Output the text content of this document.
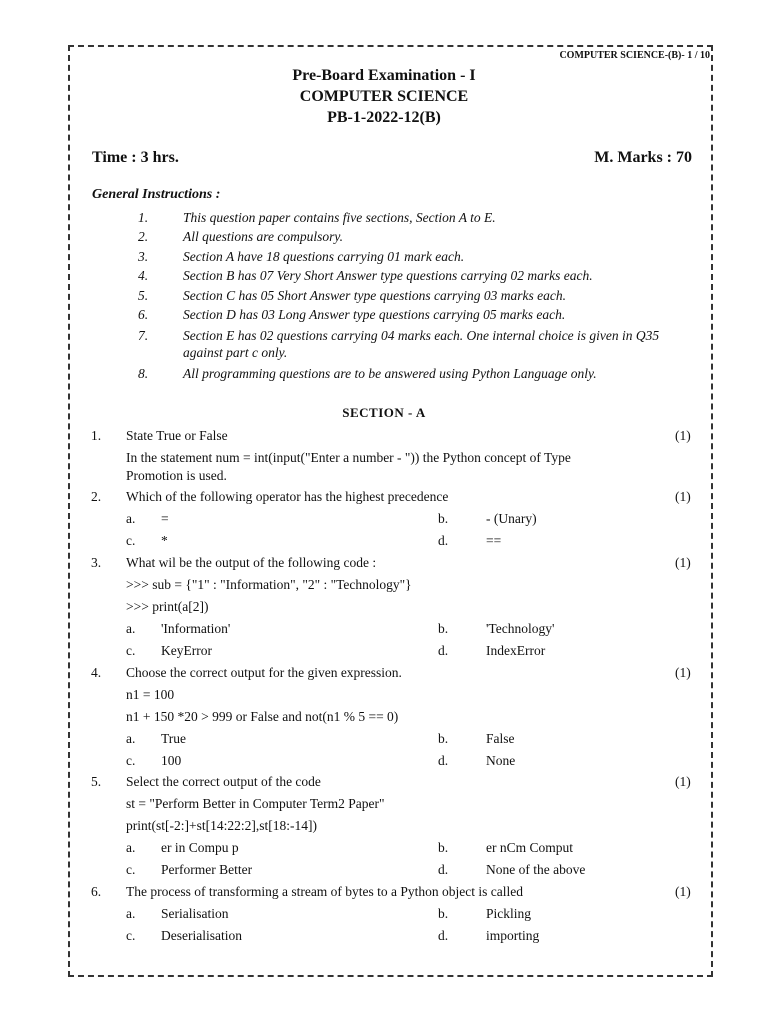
COMPUTER SCIENCE-(B)- 1 / 10
Pre-Board Examination - I
COMPUTER SCIENCE
PB-1-2022-12(B)
Time : 3 hrs.	M. Marks : 70
General Instructions :
1.	This question paper contains five sections, Section A to E.
2.	All questions are compulsory.
3.	Section A have 18 questions carrying 01 mark each.
4.	Section B has 07 Very Short Answer type questions carrying 02 marks each.
5.	Section C has 05 Short Answer type questions carrying 03 marks each.
6.	Section D has 03 Long Answer type questions carrying 05 marks each.
7.	Section E has 02 questions carrying 04 marks each. One internal choice is given in Q35 against part c only.
8.	All programming questions are to be answered using Python Language only.
SECTION - A
1. State True or False	(1)
In the statement num = int(input("Enter a number - ")) the Python concept of Type Promotion is used.
2. Which of the following operator has the highest precedence	(1)
a. =	b.	- (Unary)
c. *	d.	==
3. What wil be the output of the following code :	(1)
>>> sub = {"1" : "Information", "2" : "Technology"}
>>> print(a[2])
a. 'Information'	b.	'Technology'
c. KeyError	d.	IndexError
4. Choose the correct output for the given expression.	(1)
n1 = 100
n1 + 150 *20 > 999 or False and not(n1 % 5 == 0)
a. True	b.	False
c. 100	d.	None
5. Select the correct output of the code	(1)
st = "Perform Better in Computer Term2 Paper"
print(st[-2:]+st[14:22:2],st[18:-14])
a. er in Compu p	b.	er nCm Comput
c. Performer Better	d.	None of the above
6. The process of transforming a stream of bytes to a Python object is called	(1)
a. Serialisation	b.	Pickling
c. Deserialisation	d.	importing
